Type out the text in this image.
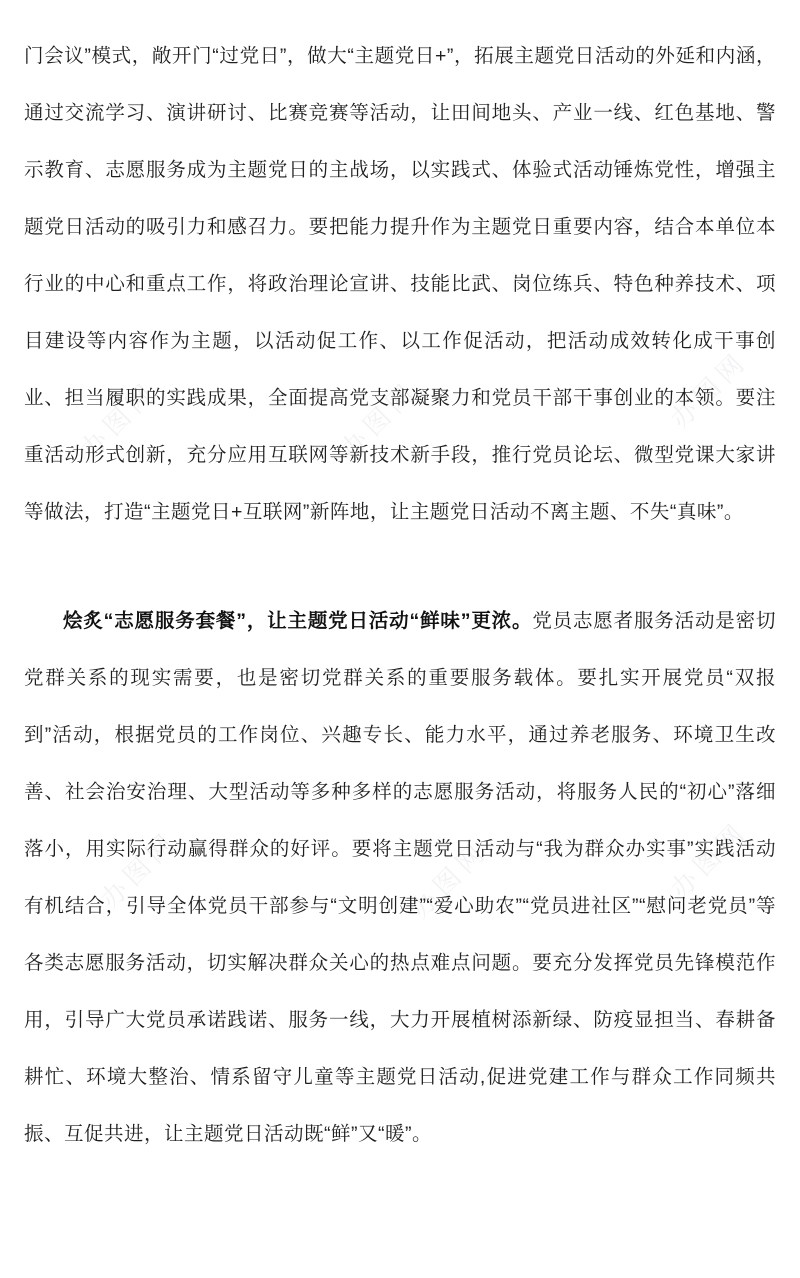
办图网	办图网	办图网
办图网	办图网	办图网

门会议”模式，敞开门“过党日”，做大“主题党日+”，拓展主题党日活动的外延和内涵，通过交流学习、演讲研讨、比赛竞赛等活动，让田间地头、产业一线、红色基地、警示教育、志愿服务成为主题党日的主战场，以实践式、体验式活动锤炼党性，增强主题党日活动的吸引力和感召力。要把能力提升作为主题党日重要内容，结合本单位本行业的中心和重点工作，将政治理论宣讲、技能比武、岗位练兵、特色种养技术、项目建设等内容作为主题，以活动促工作、以工作促活动，把活动成效转化成干事创业、担当履职的实践成果，全面提高党支部凝聚力和党员干部干事创业的本领。要注重活动形式创新，充分应用互联网等新技术新手段，推行党员论坛、微型党课大家讲等做法，打造“主题党日+互联网”新阵地，让主题党日活动不离主题、不失“真味”。

烩炙“志愿服务套餐”，让主题党日活动“鲜味”更浓。党员志愿者服务活动是密切党群关系的现实需要，也是密切党群关系的重要服务载体。要扎实开展党员“双报到”活动，根据党员的工作岗位、兴趣专长、能力水平，通过养老服务、环境卫生改善、社会治安治理、大型活动等多种多样的志愿服务活动，将服务人民的“初心”落细落小，用实际行动赢得群众的好评。要将主题党日活动与“我为群众办实事”实践活动有机结合，引导全体党员干部参与“文明创建”“爱心助农”“党员进社区”“慰问老党员”等各类志愿服务活动，切实解决群众关心的热点难点问题。要充分发挥党员先锋模范作用，引导广大党员承诺践诺、服务一线，大力开展植树添新绿、防疫显担当、春耕备耕忙、环境大整治、情系留守儿童等主题党日活动,促进党建工作与群众工作同频共振、互促共进，让主题党日活动既“鲜”又“暖”。
